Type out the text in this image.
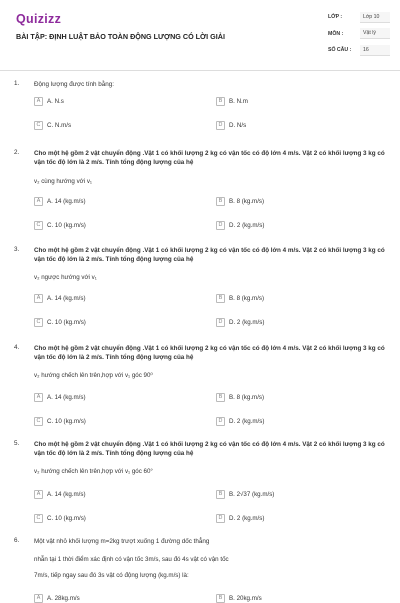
Quizizz
BÀI TẬP: ĐỊNH LUẬT BẢO TOÀN ĐỘNG LƯỢNG CÓ LỜI GIẢI
LỚP :	Lớp 10
MÔN :	Vật lý
SỐ CÂU :	16
1. Động lượng được tính bằng:
A	A. N.s	B	B. N.m
C	C. N.m/s	D	D. N/s
2. Cho một hệ gồm 2 vật chuyển động .Vật 1 có khối lượng 2 kg có vận tốc có độ lớn 4 m/s. Vật 2 có khối lượng 3 kg có vận tốc độ lớn là 2 m/s. Tính tổng động lượng của hệ
v₂ cùng hướng với v₁
A	A. 14 (kg.m/s)	B	B. 8 (kg.m/s)
C	C. 10 (kg.m/s)	D	D. 2 (kg.m/s)
3. Cho một hệ gồm 2 vật chuyển động .Vật 1 có khối lượng 2 kg có vận tốc có độ lớn 4 m/s. Vật 2 có khối lượng 3 kg có vận tốc độ lớn là 2 m/s. Tính tổng động lượng của hệ
v₂ ngược hướng với v₁
A	A. 14 (kg.m/s)	B	B. 8 (kg.m/s)
C	C. 10 (kg.m/s)	D	D. 2 (kg.m/s)
4. Cho một hệ gồm 2 vật chuyển động .Vật 1 có khối lượng 2 kg có vận tốc có độ lớn 4 m/s. Vật 2 có khối lượng 3 kg có vận tốc độ lớn là 2 m/s. Tính tổng động lượng của hệ
v₂ hướng chếch lên trên,hợp với v₁ góc 90⁰
A	A. 14 (kg.m/s)	B	B. 8 (kg.m/s)
C	C. 10 (kg.m/s)	D	D. 2 (kg.m/s)
5. Cho một hệ gồm 2 vật chuyển động .Vật 1 có khối lượng 2 kg có vận tốc có độ lớn 4 m/s. Vật 2 có khối lượng 3 kg có vận tốc độ lớn là 2 m/s. Tính tổng động lượng của hệ
v₂ hướng chếch lên trên,hợp với v₁ góc 60°
A	A. 14 (kg.m/s)	B	B. 2√37 (kg.m/s)
C	C. 10 (kg.m/s)	D	D. 2 (kg.m/s)
6. Một vật nhỏ khối lượng m=2kg trượt xuống 1 đường dốc thẳng
nhẵn tại 1 thời điểm xác định có vận tốc 3m/s, sau đó 4s vật có vận tốc
7m/s, tiếp ngay sau đó 3s vật có động lượng (kg.m/s) là:
A	A. 28kg.m/s	B	B. 20kg.m/s
